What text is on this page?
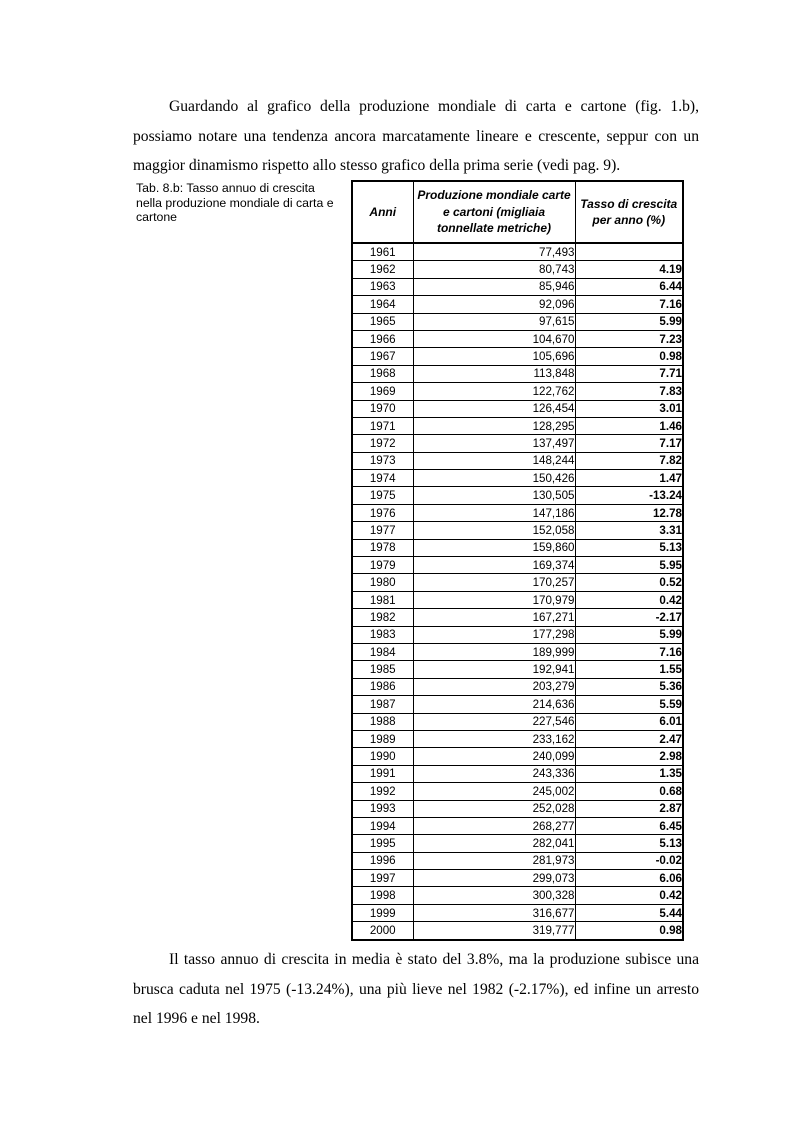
Guardando al grafico della produzione mondiale di carta e cartone (fig. 1.b), possiamo notare una tendenza ancora marcatamente lineare e crescente, seppur con un maggior dinamismo rispetto allo stesso grafico della prima serie (vedi pag. 9).

Tab. 8.b: Tasso annuo di crescita nella produzione mondiale di carta e cartone	Anni	Produzione mondiale carte e cartoni (migliaia tonnellate metriche)	Tasso di crescita per anno (%)
1961	77,493	
1962	80,743	4.19
1963	85,946	6.44
1964	92,096	7.16
1965	97,615	5.99
1966	104,670	7.23
1967	105,696	0.98
1968	113,848	7.71
1969	122,762	7.83
1970	126,454	3.01
1971	128,295	1.46
1972	137,497	7.17
1973	148,244	7.82
1974	150,426	1.47
1975	130,505	-13.24
1976	147,186	12.78
1977	152,058	3.31
1978	159,860	5.13
1979	169,374	5.95
1980	170,257	0.52
1981	170,979	0.42
1982	167,271	-2.17
1983	177,298	5.99
1984	189,999	7.16
1985	192,941	1.55
1986	203,279	5.36
1987	214,636	5.59
1988	227,546	6.01
1989	233,162	2.47
1990	240,099	2.98
1991	243,336	1.35
1992	245,002	0.68
1993	252,028	2.87
1994	268,277	6.45
1995	282,041	5.13
1996	281,973	-0.02
1997	299,073	6.06
1998	300,328	0.42
1999	316,677	5.44
2000	319,777	0.98

Il tasso annuo di crescita in media è stato del 3.8%, ma la produzione subisce una brusca caduta nel 1975 (-13.24%), una più lieve nel 1982 (-2.17%), ed infine un arresto nel 1996 e nel 1998.
